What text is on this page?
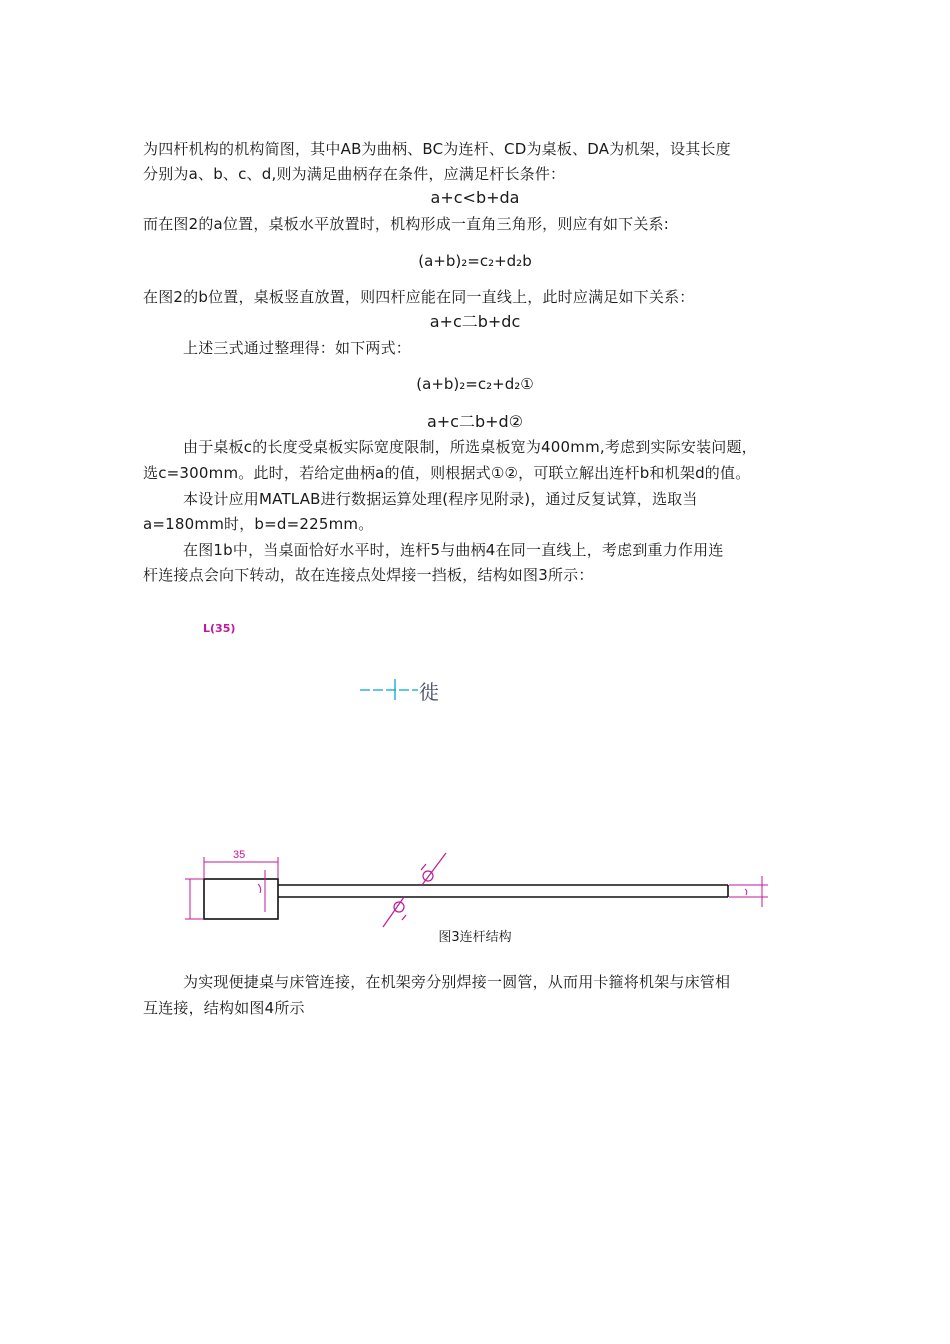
为四杆机构的机构简图，其中AB为曲柄、BC为连杆、CD为桌板、DA为机架，设其长度

分别为a、b、c、d,则为满足曲柄存在条件，应满足杆长条件：

a+c<b+da

而在图2的a位置，桌板水平放置时，机构形成一直角三角形，则应有如下关系:

(a+b)₂=c₂+d₂b

在图2的b位置，桌板竖直放置，则四杆应能在同一直线上，此时应满足如下关系：

a+c二b+dc

上述三式通过整理得：如下两式：

(a+b)₂=c₂+d₂①
a+c二b+d②

由于桌板c的长度受桌板实际宽度限制，所选桌板宽为400mm,考虑到实际安装问题，

选c=300mm。此时，若给定曲柄a的值，则根据式①②，可联立解出连杆b和机架d的值。

本设计应用MATLAB进行数据运算处理(程序见附录)，通过反复试算，选取当

a=180mm时，b=d=225mm。

在图1b中，当桌面恰好水平时，连杆5与曲柄4在同一直线上，考虑到重力作用连

杆连接点会向下转动，故在连接点处焊接一挡板，结构如图3所示：

L(35)
徙
35
图3连杆结构

为实现便捷桌与床管连接，在机架旁分别焊接一圆管，从而用卡箍将机架与床管相

互连接，结构如图4所示
